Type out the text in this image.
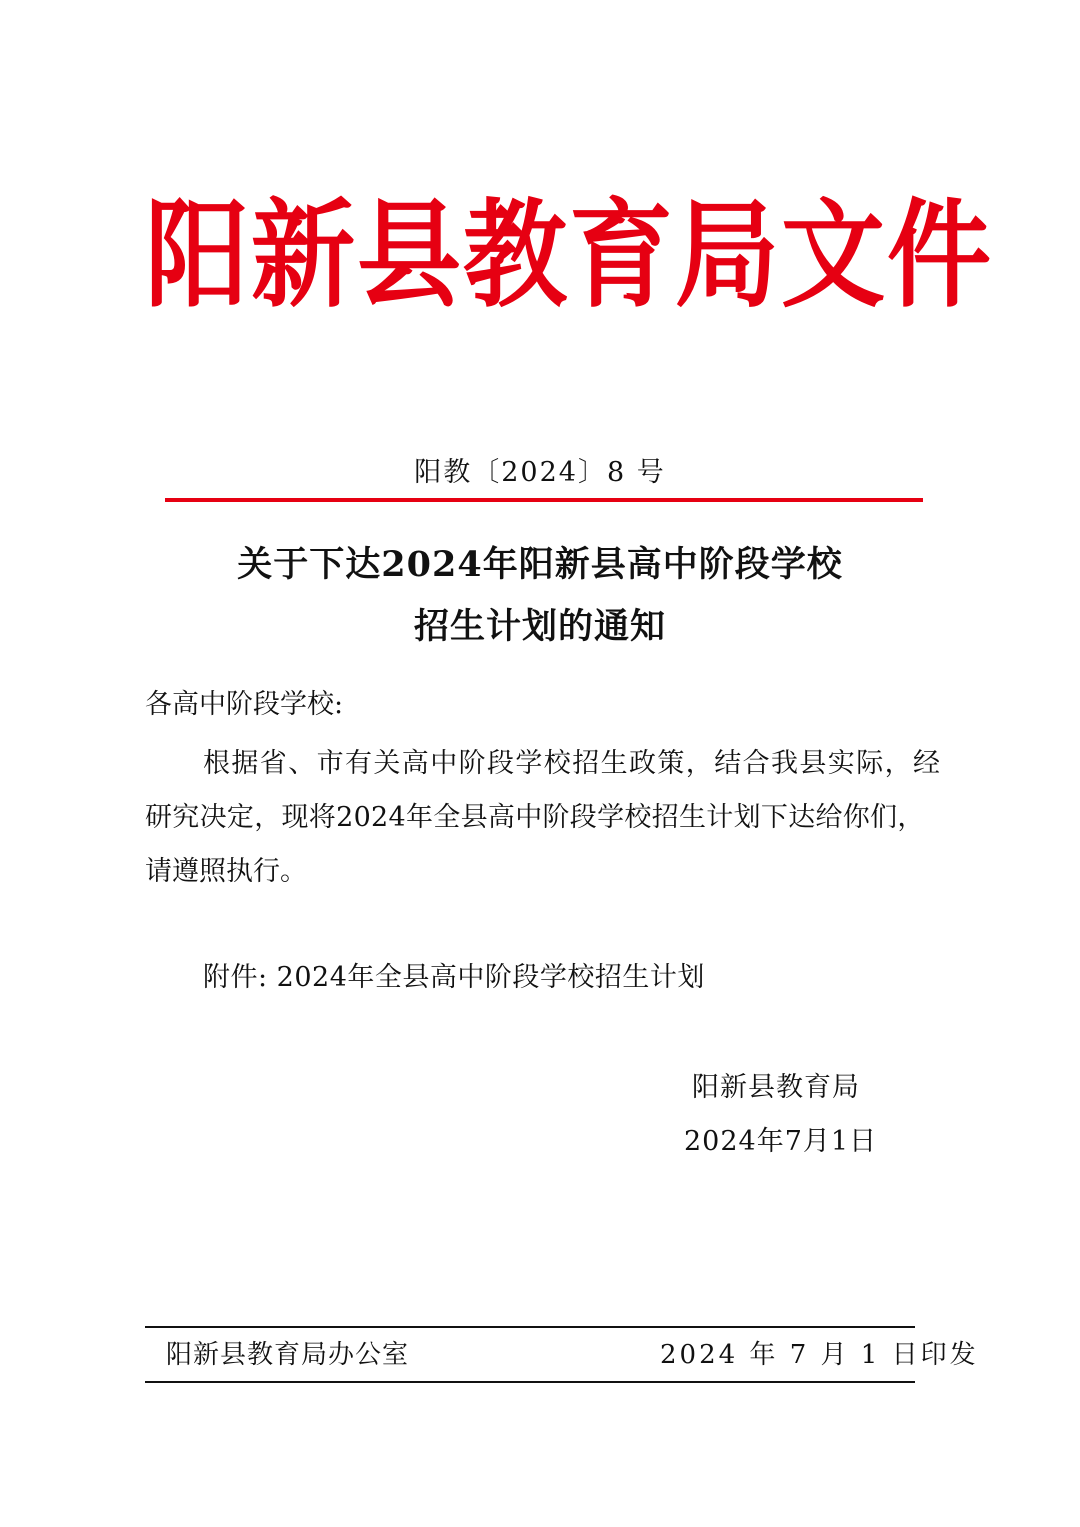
阳新县教育局文件
阳教〔2024〕8 号
关于下达2024年阳新县高中阶段学校
招生计划的通知
各高中阶段学校:
根据省、市有关高中阶段学校招生政策，结合我县实际，经
研究决定，现将2024年全县高中阶段学校招生计划下达给你们，
请遵照执行。
附件: 2024年全县高中阶段学校招生计划
阳新县教育局
2024年7月1日
阳新县教育局办公室	2024 年 7 月 1 日印发
